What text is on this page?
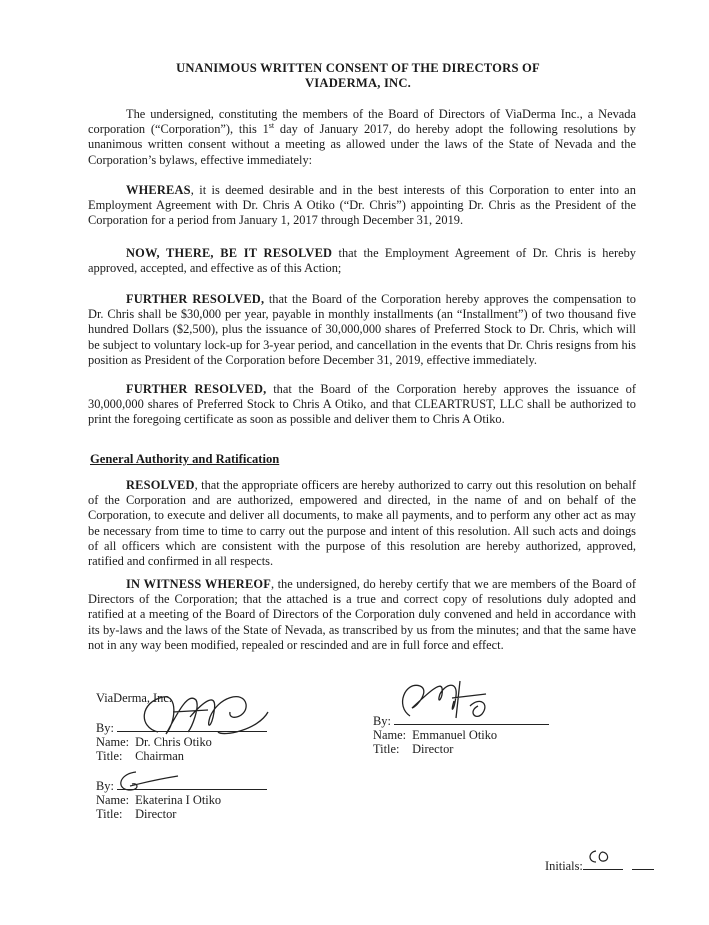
UNANIMOUS WRITTEN CONSENT OF THE DIRECTORS OF
VIADERMA, INC.
The undersigned, constituting the members of the Board of Directors of ViaDerma Inc., a Nevada corporation (“Corporation”), this 1st day of January 2017, do hereby adopt the following resolutions by unanimous written consent without a meeting as allowed under the laws of the State of Nevada and the Corporation’s bylaws, effective immediately:
WHEREAS, it is deemed desirable and in the best interests of this Corporation to enter into an Employment Agreement with Dr. Chris A Otiko (“Dr. Chris”) appointing Dr. Chris as the President of the Corporation for a period from January 1, 2017 through December 31, 2019.
NOW, THERE, BE IT RESOLVED that the Employment Agreement of Dr. Chris is hereby approved, accepted, and effective as of this Action;
FURTHER RESOLVED, that the Board of the Corporation hereby approves the compensation to Dr. Chris shall be $30,000 per year, payable in monthly installments (an “Installment”) of two thousand five hundred Dollars ($2,500), plus the issuance of 30,000,000 shares of Preferred Stock to Dr. Chris, which will be subject to voluntary lock-up for 3-year period, and cancellation in the events that Dr. Chris resigns from his position as President of the Corporation before December 31, 2019, effective immediately.
FURTHER RESOLVED, that the Board of the Corporation hereby approves the issuance of 30,000,000 shares of Preferred Stock to Chris A Otiko, and that CLEARTRUST, LLC shall be authorized to print the foregoing certificate as soon as possible and deliver them to Chris A Otiko.
General Authority and Ratification
RESOLVED, that the appropriate officers are hereby authorized to carry out this resolution on behalf of the Corporation and are authorized, empowered and directed, in the name of and on behalf of the Corporation, to execute and deliver all documents, to make all payments, and to perform any other act as may be necessary from time to time to carry out the purpose and intent of this resolution. All such acts and doings of all officers which are consistent with the purpose of this resolution are hereby authorized, approved, ratified and confirmed in all respects.
IN WITNESS WHEREOF, the undersigned, do hereby certify that we are members of the Board of Directors of the Corporation; that the attached is a true and correct copy of resolutions duly adopted and ratified at a meeting of the Board of Directors of the Corporation duly convened and held in accordance with its by-laws and the laws of the State of Nevada, as transcribed by us from the minutes; and that the same have not in any way been modified, repealed or rescinded and are in full force and effect.
ViaDerma, Inc.
By:
Name: Dr. Chris Otiko
Title: Chairman
By:
Name: Emmanuel Otiko
Title: Director
By:
Name: Ekaterina I Otiko
Title: Director
Initials:
